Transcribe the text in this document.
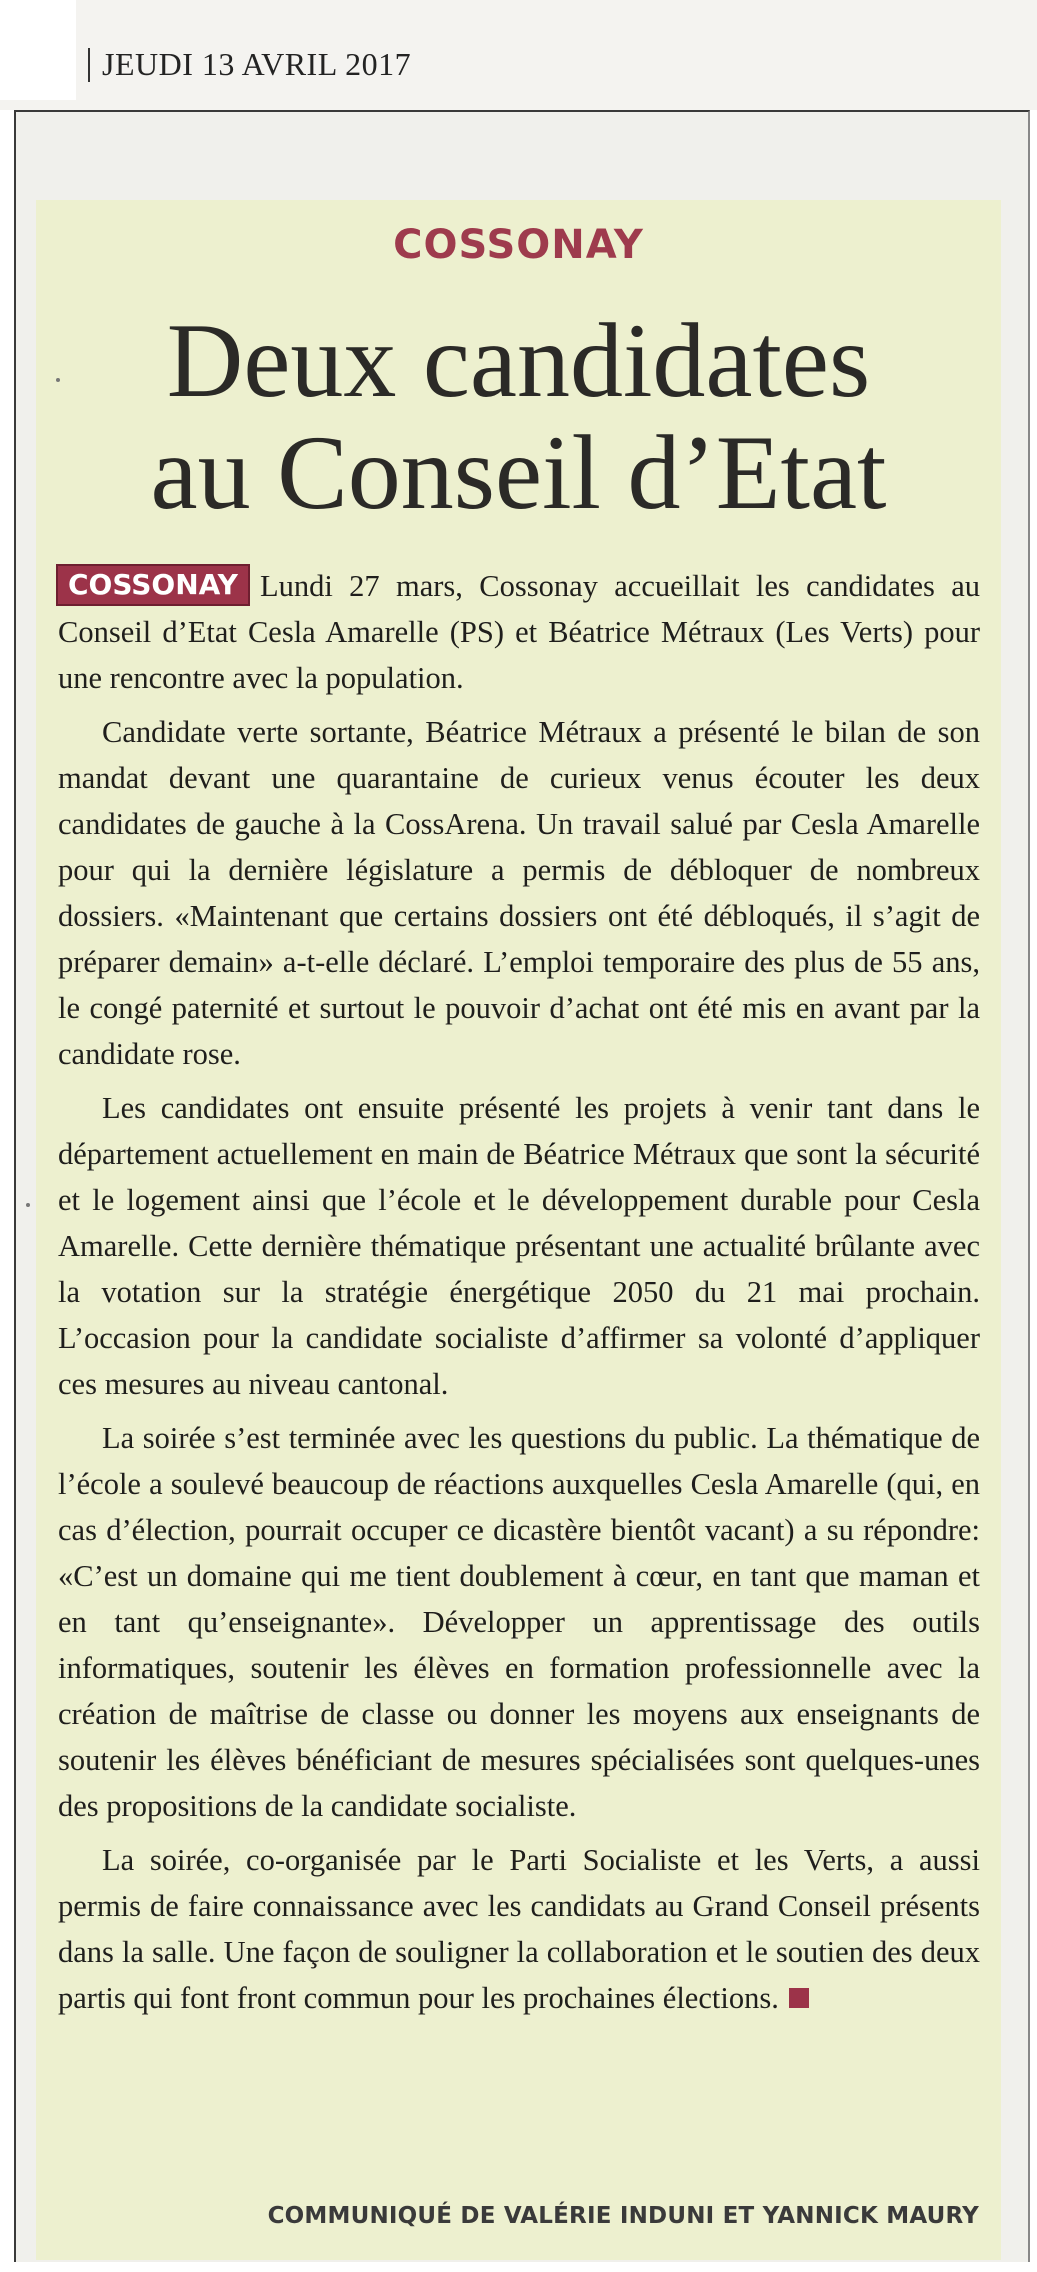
JEUDI 13 AVRIL 2017
COSSONAY
Deux candidates
au Conseil d’Etat

COSSONAY Lundi 27 mars, Cossonay accueillait les candidates au Conseil d’Etat Cesla Amarelle (PS) et Béatrice Métraux (Les Verts) pour une rencontre avec la population.

Candidate verte sortante, Béatrice Métraux a présenté le bilan de son mandat devant une quarantaine de curieux venus écouter les deux candidates de gauche à la CossArena. Un travail salué par Cesla Amarelle pour qui la dernière législature a permis de débloquer de nombreux dossiers. «Maintenant que certains dossiers ont été débloqués, il s’agit de préparer demain» a-t-elle déclaré. L’emploi temporaire des plus de 55 ans, le congé paternité et surtout le pouvoir d’achat ont été mis en avant par la candidate rose.

Les candidates ont ensuite présenté les projets à venir tant dans le département actuellement en main de Béatrice Métraux que sont la sécurité et le logement ainsi que l’école et le développement durable pour Cesla Amarelle. Cette dernière thématique présentant une actualité brûlante avec la votation sur la stratégie énergétique 2050 du 21 mai prochain. L’occasion pour la candidate socialiste d’affirmer sa volonté d’appliquer ces mesures au niveau cantonal.

La soirée s’est terminée avec les questions du public. La thématique de l’école a soulevé beaucoup de réactions auxquelles Cesla Amarelle (qui, en cas d’élection, pourrait occuper ce dicastère bientôt vacant) a su répondre: «C’est un domaine qui me tient doublement à cœur, en tant que maman et en tant qu’enseignante». Développer un apprentissage des outils informatiques, soutenir les élèves en formation professionnelle avec la création de maîtrise de classe ou donner les moyens aux enseignants de soutenir les élèves bénéficiant de mesures spécialisées sont quelques-unes des propositions de la candidate socialiste.

La soirée, co-organisée par le Parti Socialiste et les Verts, a aussi permis de faire connaissance avec les candidats au Grand Conseil présents dans la salle. Une façon de souligner la collaboration et le soutien des deux partis qui font front commun pour les prochaines élections.

COMMUNIQUÉ DE VALÉRIE INDUNI ET YANNICK MAURY
